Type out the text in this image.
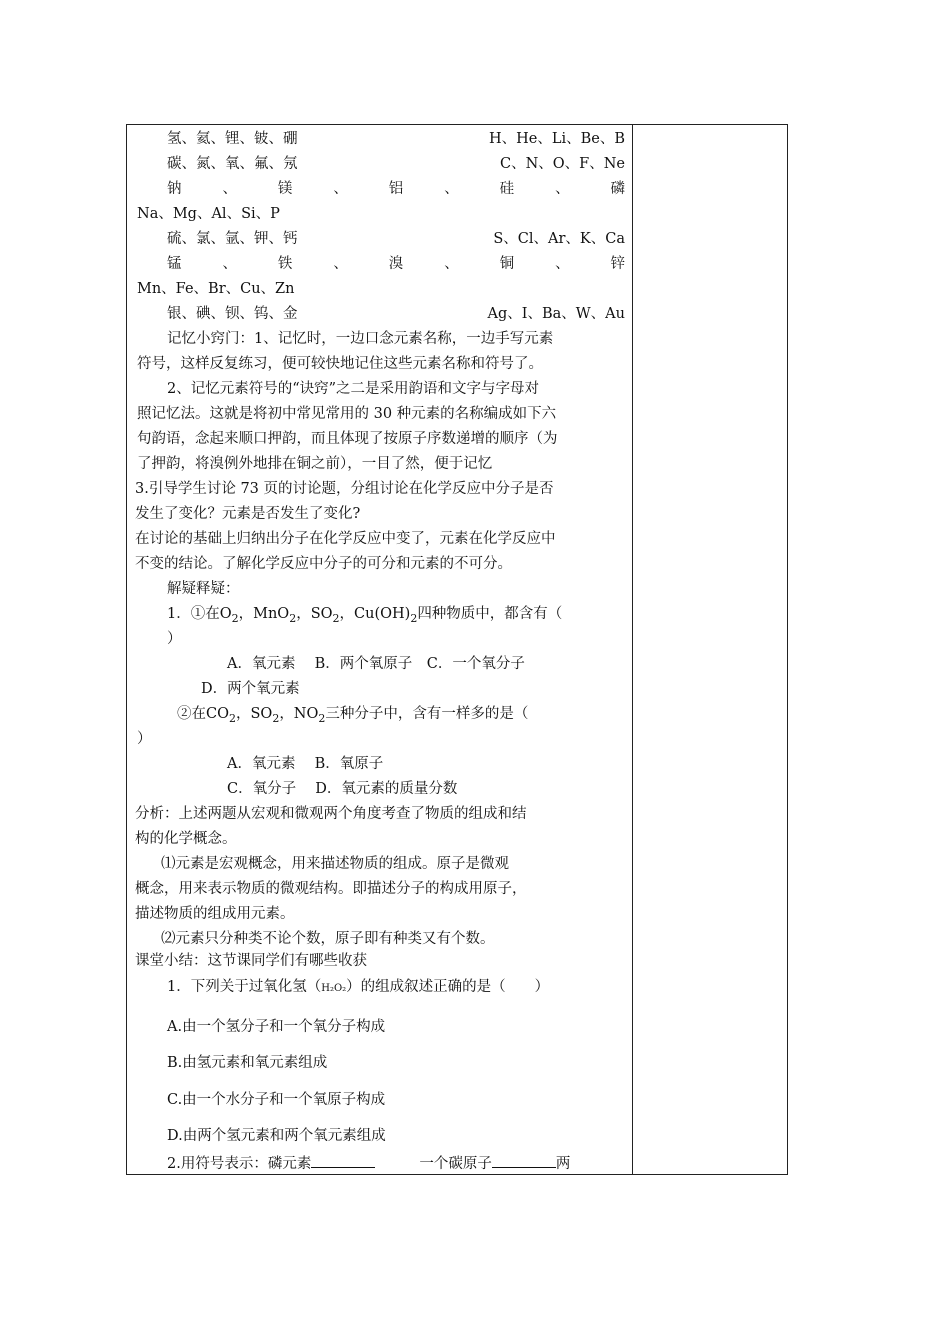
氢、氦、锂、铍、硼	H、He、Li、Be、B
碳、氮、氧、氟、氖	C、N、O、F、Ne
钠	、	镁	、	铝	、	硅	、	磷
Na、Mg、Al、Si、P
硫、氯、氩、钾、钙	S、Cl、Ar、K、Ca
锰	、	铁	、	溴	、	铜	、	锌
Mn、Fe、Br、Cu、Zn
银、碘、钡、钨、金	Ag、I、Ba、W、Au
记忆小窍门：1、记忆时，一边口念元素名称，一边手写元素
符号，这样反复练习，便可较快地记住这些元素名称和符号了。
2、记忆元素符号的“诀窍”之二是采用韵语和文字与字母对
照记忆法。这就是将初中常见常用的 30 种元素的名称编成如下六
句韵语，念起来顺口押韵，而且体现了按原子序数递增的顺序（为
了押韵，将溴例外地排在铜之前），一目了然，便于记忆
3.引导学生讨论 73 页的讨论题，分组讨论在化学反应中分子是否
发生了变化？元素是否发生了变化?
在讨论的基础上归纳出分子在化学反应中变了，元素在化学反应中
不变的结论。了解化学反应中分子的可分和元素的不可分。
解疑释疑：
1．①在$O_2$，MnO$_2$，$SO_2$，$Cu(OH)_2$四种物质中，都含有（
）
A．氧元素　 B．两个氧原子　C．一个氧分子
D．两个氧元素
②在$CO_2$，$SO_2$，$NO_2$三种分子中，含有一样多的是（
）
A．氧元素　 B．氧原子
C．氧分子　 D．氧元素的质量分数
分析：上述两题从宏观和微观两个角度考查了物质的组成和结
构的化学概念。
⑴元素是宏观概念，用来描述物质的组成。原子是微观
概念，用来表示物质的微观结构。即描述分子的构成用原子，
描述物质的组成用元素。
⑵元素只分种类不论个数，原子即有种类又有个数。
课堂小结：这节课同学们有哪些收获
1．下列关于过氧化氢（H₂O₂）的组成叙述正确的是（　　）
A.由一个氢分子和一个氧分子构成
B.由氢元素和氧元素组成
C.由一个水分子和一个氧原子构成
D.由两个氢元素和两个氧元素组成
2.用符号表示：磷元素	一个碳原子	两
